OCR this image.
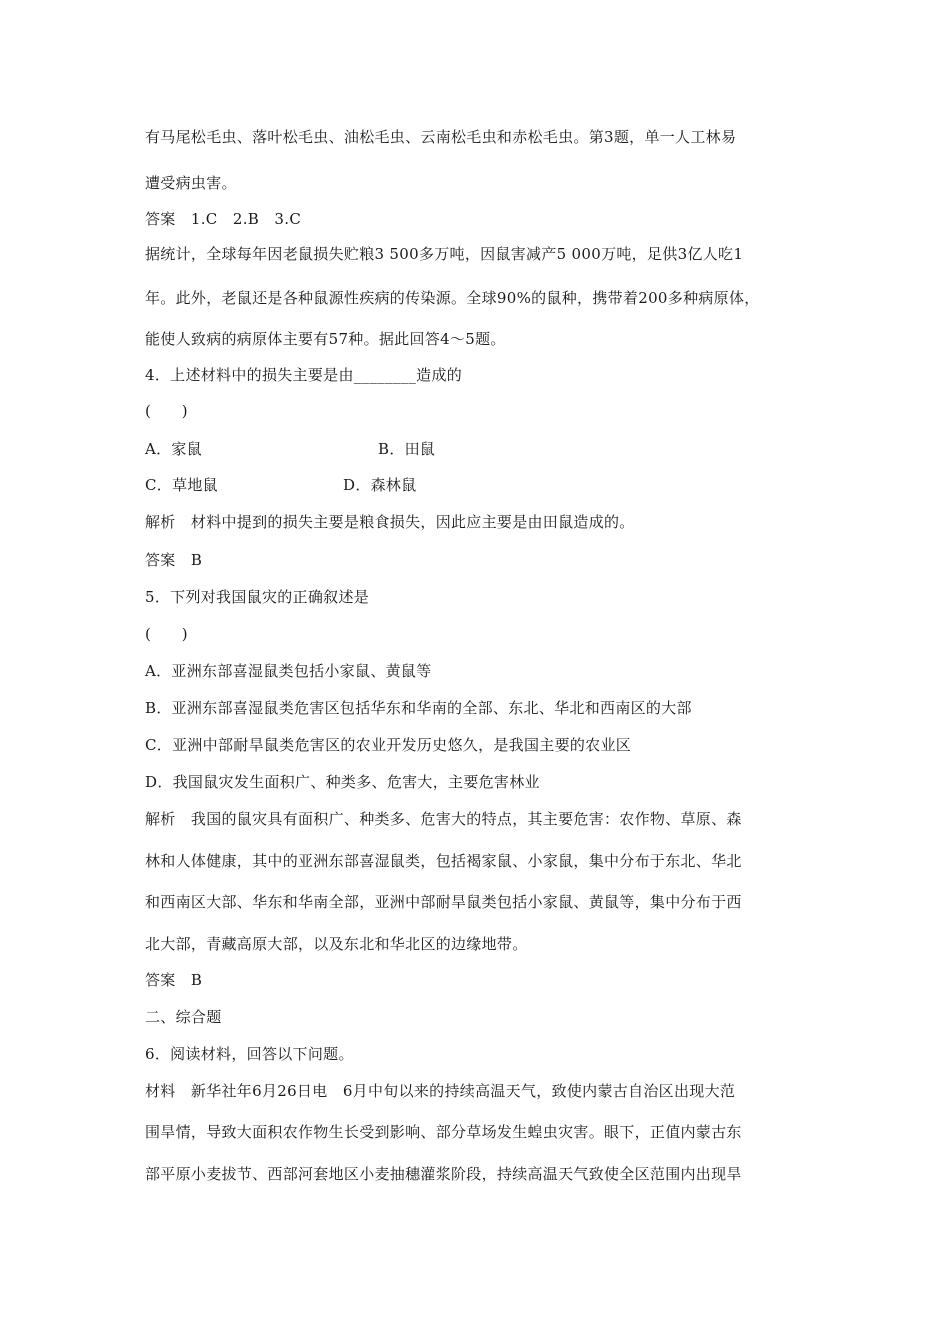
有马尾松毛虫、落叶松毛虫、油松毛虫、云南松毛虫和赤松毛虫。第3题，单一人工林易
遭受病虫害。
答案　1.C　2.B　3.C
据统计，全球每年因老鼠损失贮粮3 500多万吨，因鼠害减产5 000万吨，足供3亿人吃1
年。此外，老鼠还是各种鼠源性疾病的传染源。全球90%的鼠种，携带着200多种病原体，
能使人致病的病原体主要有57种。据此回答4～5题。
4．上述材料中的损失主要是由________造成的
(　　)
A．家鼠	B．田鼠
C．草地鼠	D．森林鼠
解析　材料中提到的损失主要是粮食损失，因此应主要是由田鼠造成的。
答案　B
5．下列对我国鼠灾的正确叙述是
(　　)
A．亚洲东部喜湿鼠类包括小家鼠、黄鼠等
B．亚洲东部喜湿鼠类危害区包括华东和华南的全部、东北、华北和西南区的大部
C．亚洲中部耐旱鼠类危害区的农业开发历史悠久，是我国主要的农业区
D．我国鼠灾发生面积广、种类多、危害大，主要危害林业
解析　我国的鼠灾具有面积广、种类多、危害大的特点，其主要危害：农作物、草原、森
林和人体健康，其中的亚洲东部喜湿鼠类，包括褐家鼠、小家鼠，集中分布于东北、华北
和西南区大部、华东和华南全部，亚洲中部耐旱鼠类包括小家鼠、黄鼠等，集中分布于西
北大部，青藏高原大部，以及东北和华北区的边缘地带。
答案　B
二、综合题
6．阅读材料，回答以下问题。
材料　新华社年6月26日电　6月中旬以来的持续高温天气，致使内蒙古自治区出现大范
围旱情，导致大面积农作物生长受到影响、部分草场发生蝗虫灾害。眼下，正值内蒙古东
部平原小麦拔节、西部河套地区小麦抽穗灌浆阶段，持续高温天气致使全区范围内出现旱
